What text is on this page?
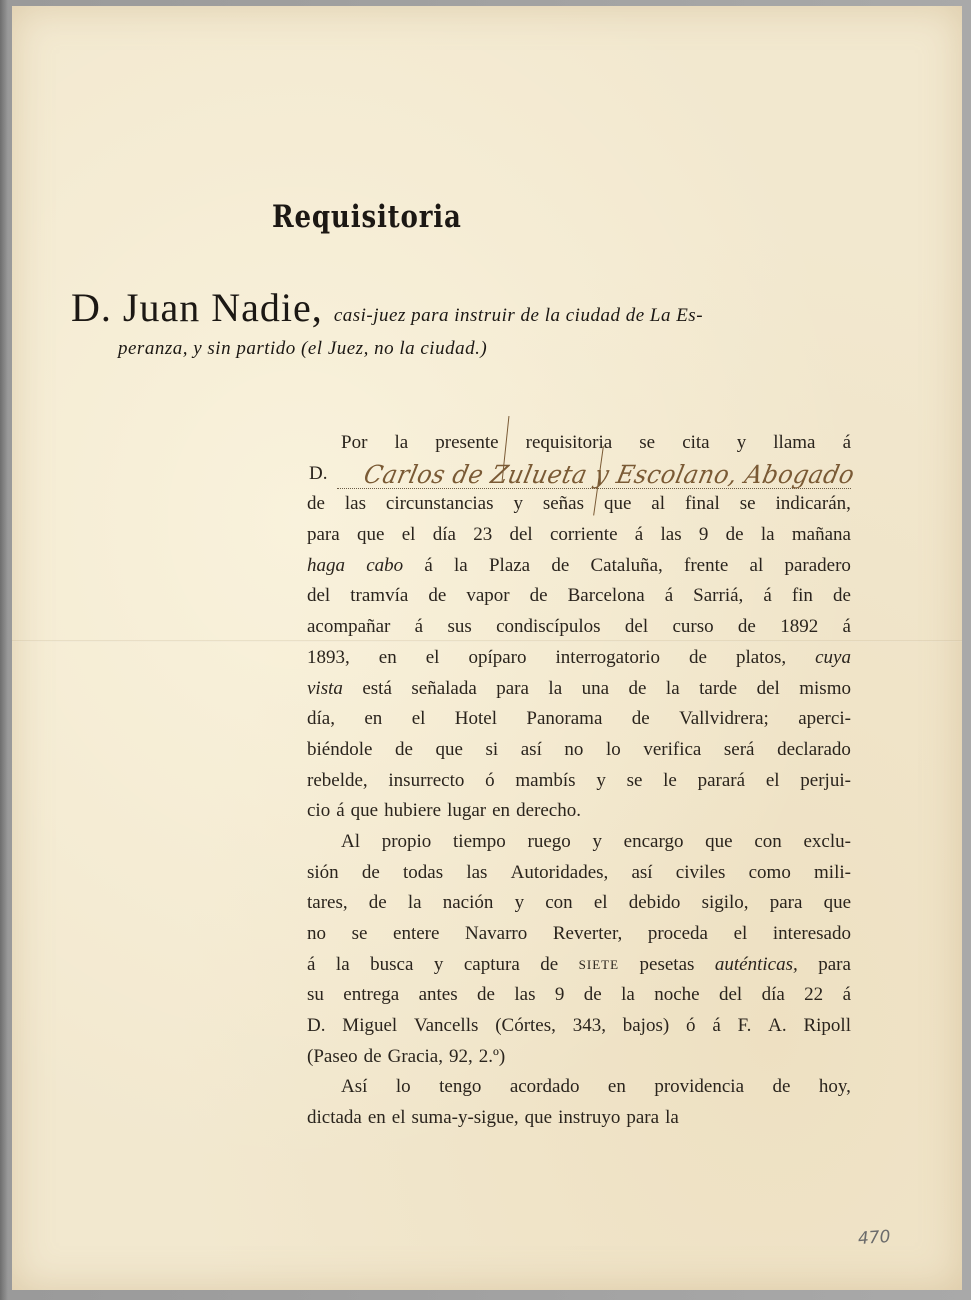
Requisitoria
D. Juan Nadie, casi-juez para instruir de la ciudad de La Es-
peranza, y sin partido (el Juez, no la ciudad.)
Por la presente requisitoria se cita y llama á
D. Carlos de Zulueta y Escolano, Abogado
de las circunstancias y señas que al final se indicarán,
para que el día 23 del corriente á las 9 de la mañana
haga cabo á la Plaza de Cataluña, frente al paradero
del tramvía de vapor de Barcelona á Sarriá, á fin de
acompañar á sus condiscípulos del curso de 1892 á
1893, en el opíparo interrogatorio de platos, cuya
vista está señalada para la una de la tarde del mismo
día, en el Hotel Panorama de Vallvidrera; aperci-
biéndole de que si así no lo verifica será declarado
rebelde, insurrecto ó mambís y se le parará el perjui-
cio á que hubiere lugar en derecho.
Al propio tiempo ruego y encargo que con exclu-
sión de todas las Autoridades, así civiles como mili-
tares, de la nación y con el debido sigilo, para que
no se entere Navarro Reverter, proceda el interesado
á la busca y captura de SIETE pesetas auténticas, para
su entrega antes de las 9 de la noche del día 22 á
D. Miguel Vancells (Córtes, 343, bajos) ó á F. A. Ripoll
(Paseo de Gracia, 92, 2.º)
Así lo tengo acordado en providencia de hoy,
dictada en el suma-y-sigue, que instruyo para la
470
